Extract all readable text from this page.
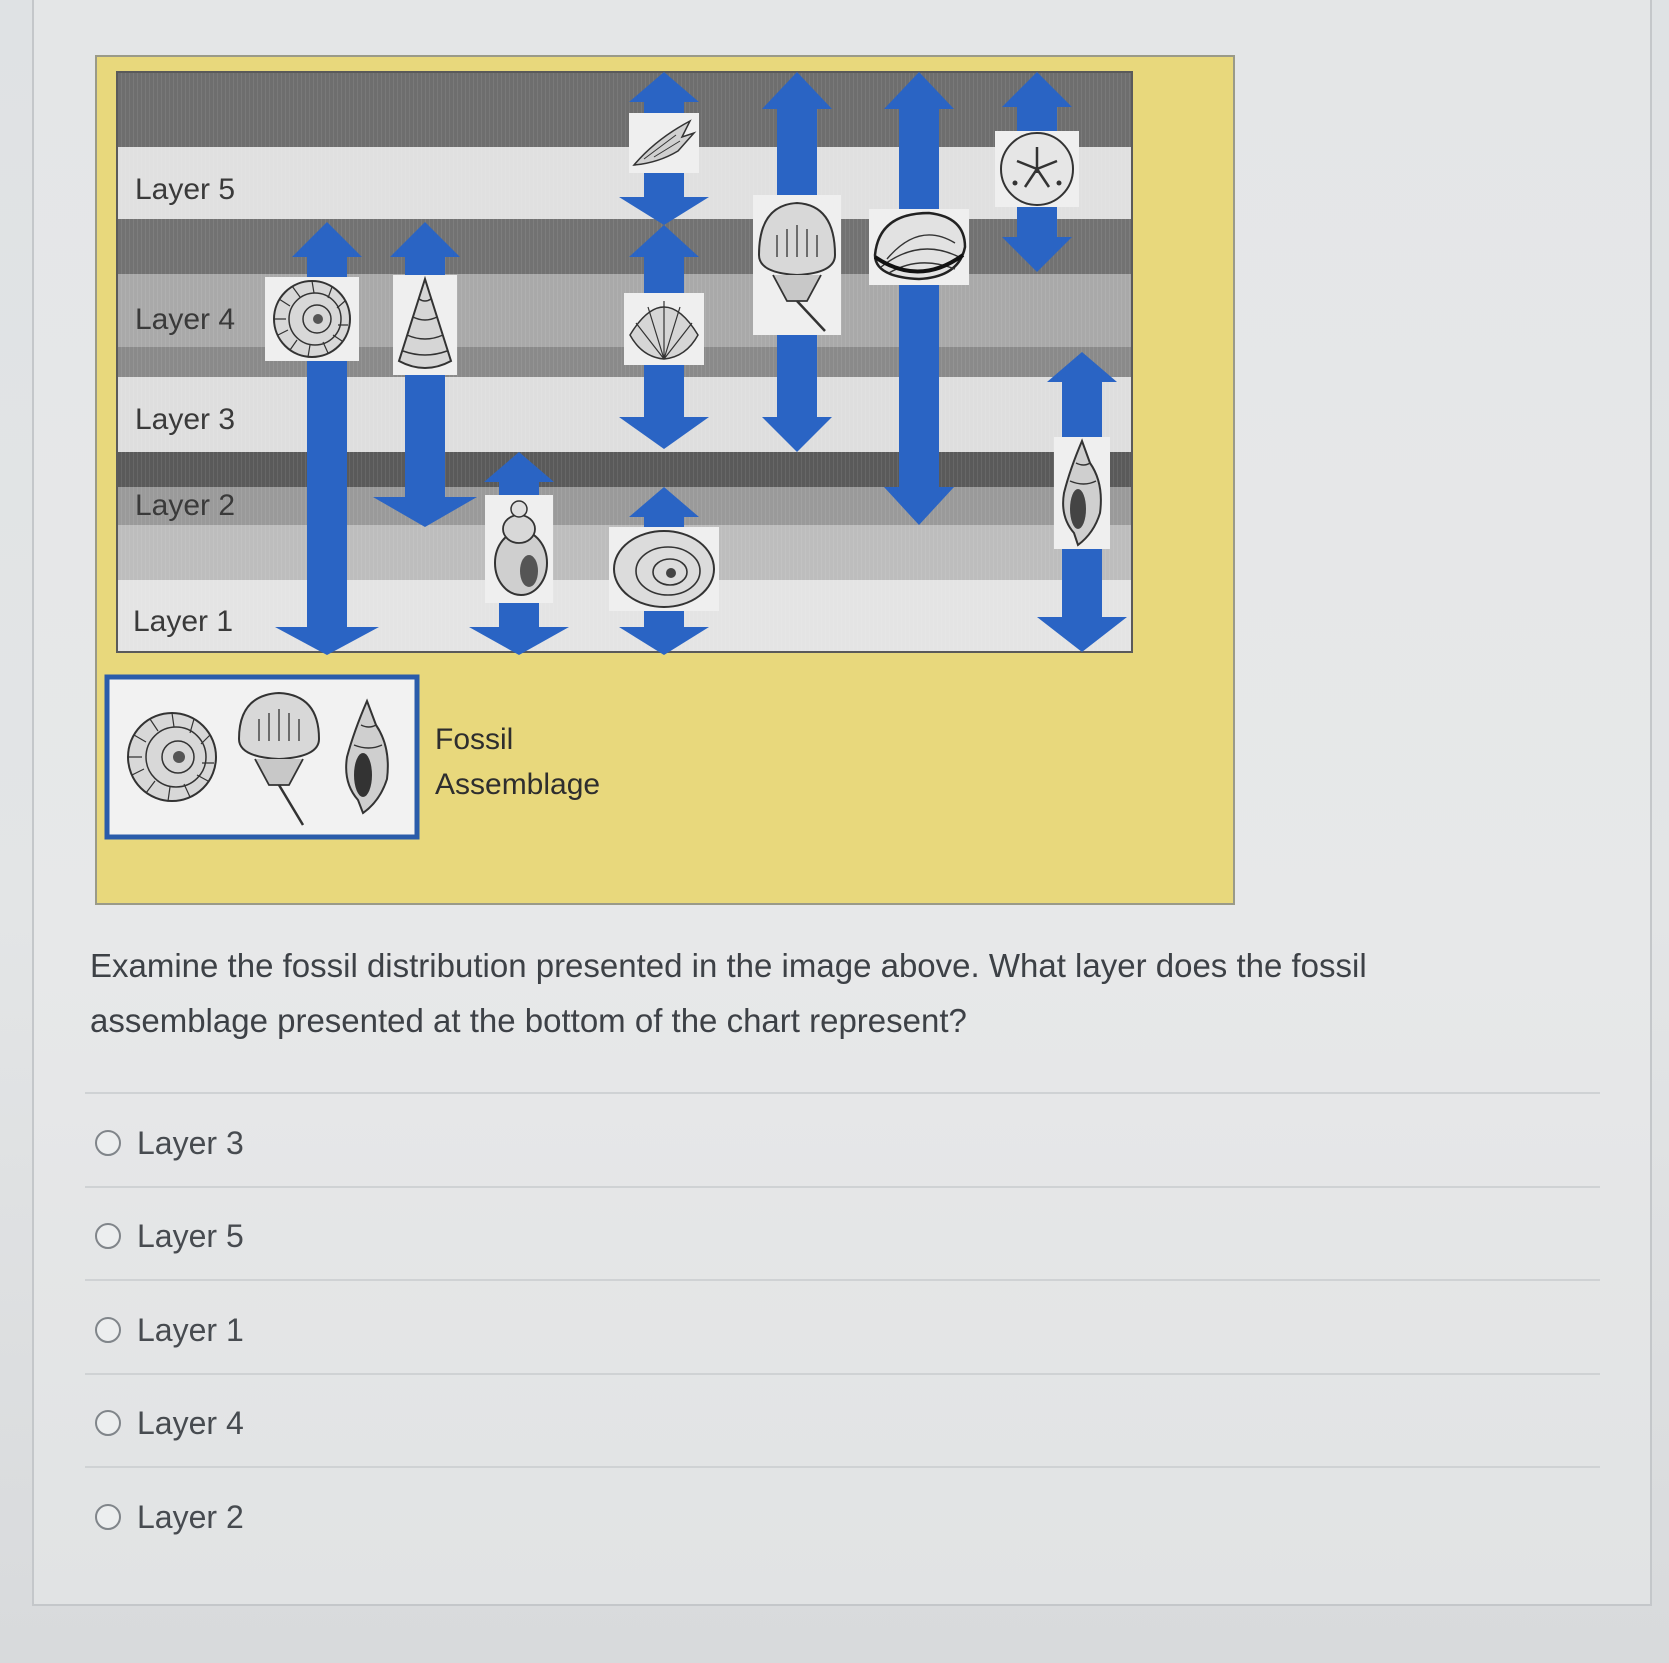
Layer 5
Layer 4
Layer 3
Layer 2
Layer 1
Fossil
Assemblage
Examine the fossil distribution presented in the image above. What layer does the fossil assemblage presented at the bottom of the chart represent?
Layer 3
Layer 5
Layer 1
Layer 4
Layer 2
